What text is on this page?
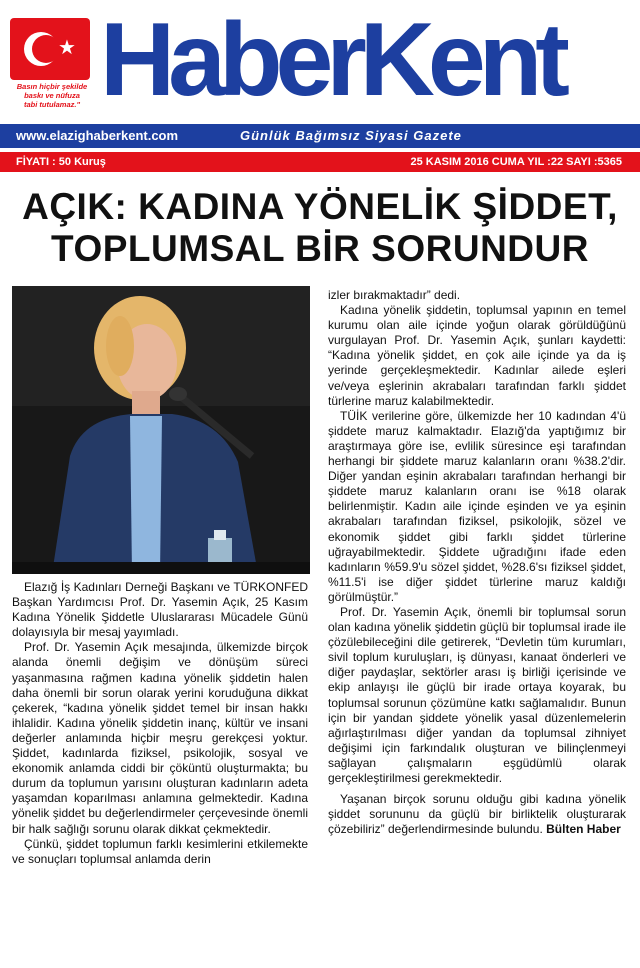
★
Basın hiçbir şekilde
baskı ve nüfuza
tabi tutulamaz." HaberKent
www.elazighaberkent.com	Günlük Bağımsız Siyasi Gazete
FİYATI : 50 Kuruş	25 KASIM 2016 CUMA YIL :22 SAYI :5365
AÇIK: KADINA YÖNELİK ŞİDDET,
TOPLUMSAL BİR SORUNDUR

Elazığ İş Kadınları Derneği Başkanı ve TÜRKONFED Başkan Yardımcısı Prof. Dr. Yasemin Açık, 25 Kasım Kadına Yönelik Şiddetle Uluslararası Mücadele Günü dolayısıyla bir mesaj yayımladı.

Prof. Dr. Yasemin Açık mesajında, ülkemizde birçok alanda önemli değişim ve dönüşüm süreci yaşanmasına rağmen kadına yönelik şiddetin halen daha önemli bir sorun olarak yerini koruduğuna dikkat çekerek, “kadına yönelik şiddet temel bir insan hakkı ihlalidir. Kadına yönelik şiddetin inanç, kültür ve insani değerler anlamında hiçbir meşru gerekçesi yoktur. Şiddet, kadınlarda fiziksel, psikolojik, sosyal ve ekonomik anlamda ciddi bir çöküntü oluşturmakta; bu durum da toplumun yarısını oluşturan kadınların adeta yaşamdan koparılması anlamına gelmektedir. Kadına yönelik şiddet bu değerlendirmeler çerçevesinde önemli bir halk sağlığı sorunu olarak dikkat çekmektedir.

Çünkü, şiddet toplumun farklı kesimlerini etkilemekte ve sonuçları toplumsal anlamda derin

izler bırakmaktadır” dedi.

Kadına yönelik şiddetin, toplumsal yapının en temel kurumu olan aile içinde yoğun olarak görüldüğünü vurgulayan Prof. Dr. Yasemin Açık, şunları kaydetti: “Kadına yönelik şiddet, en çok aile içinde ya da iş yerinde gerçekleşmektedir. Kadınlar ailede eşleri ve/veya eşlerinin akrabaları tarafından farklı şiddet türlerine maruz kalabilmektedir.

TÜİK verilerine göre, ülkemizde her 10 kadından 4'ü şiddete maruz kalmaktadır. Elazığ'da yaptığımız bir araştırmaya göre ise, evlilik süresince eşi tarafından herhangi bir şiddete maruz kalanların oranı %38.2'dir. Diğer yandan eşinin akrabaları tarafından herhangi bir şiddete maruz kalanların oranı ise %18 olarak belirlenmiştir. Kadın aile içinde eşinden ve ya eşinin akrabaları tarafından fiziksel, psikolojik, sözel ve ekonomik şiddet gibi farklı şiddet türlerine uğrayabilmektedir. Şiddete uğradığını ifade eden kadınların %59.9'u sözel şiddet, %28.6'sı fiziksel şiddet, %11.5'i ise diğer şiddet türlerine maruz kaldığı görülmüştür.”

Prof. Dr. Yasemin Açık, önemli bir toplumsal sorun olan kadına yönelik şiddetin güçlü bir toplumsal irade ile çözülebileceğini dile getirerek, “Devletin tüm kurumları, sivil toplum kuruluşları, iş dünyası, kanaat önderleri ve diğer paydaşlar, sektörler arası iş birliği içerisinde ve ekip anlayışı ile güçlü bir irade ortaya koyarak, bu toplumsal sorunun çözümüne katkı sağlamalıdır. Bunun için bir yandan şiddete yönelik yasal düzenlemelerin ağırlaştırılması diğer yandan da toplumsal zihniyet değişimi için farkındalık oluşturan ve bilinçlenmeyi sağlayan çalışmaların eşgüdümlü olarak gerçekleştirilmesi gerekmektedir.

Yaşanan birçok sorunu olduğu gibi kadına yönelik şiddet sorununu da güçlü bir birliktelik oluşturarak çözebiliriz” değerlendirmesinde bulundu. Bülten Haber
